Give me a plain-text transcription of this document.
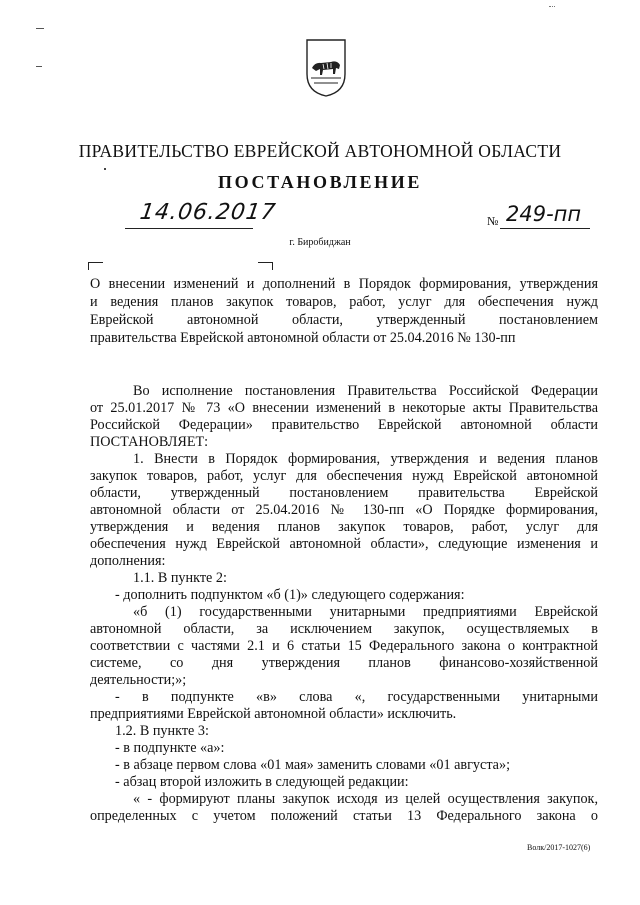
ПРАВИТЕЛЬСТВО ЕВРЕЙСКОЙ АВТОНОМНОЙ ОБЛАСТИ
ПОСТАНОВЛЕНИЕ
14.06.2017	№ 249-пп
г. Биробиджан
О внесении изменений и дополнений в Порядок формирования, утверждения
и ведения планов закупок товаров, работ, услуг для обеспечения нужд
Еврейской автономной области, утвержденный постановлением
правительства Еврейской автономной области от 25.04.2016 № 130-пп
Во исполнение постановления Правительства Российской Федерации
от 25.01.2017 № 73 «О внесении изменений в некоторые акты Правительства
Российской Федерации» правительство Еврейской автономной области
ПОСТАНОВЛЯЕТ:
1. Внести в Порядок формирования, утверждения и ведения планов
закупок товаров, работ, услуг для обеспечения нужд Еврейской автономной
области, утвержденный постановлением правительства Еврейской
автономной области от 25.04.2016 № 130-пп «О Порядке формирования,
утверждения и ведения планов закупок товаров, работ, услуг для
обеспечения нужд Еврейской автономной области», следующие изменения и
дополнения:
1.1. В пункте 2:
- дополнить подпунктом «б (1)» следующего содержания:
«б (1) государственными унитарными предприятиями Еврейской
автономной области, за исключением закупок, осуществляемых в
соответствии с частями 2.1 и 6 статьи 15 Федерального закона о контрактной
системе, со дня утверждения планов финансово-хозяйственной
деятельности;»;
- в подпункте «в» слова «, государственными унитарными
предприятиями Еврейской автономной области» исключить.
1.2. В пункте 3:
- в подпункте «а»:
- в абзаце первом слова «01 мая» заменить словами «01 августа»;
- абзац второй изложить в следующей редакции:
« - формируют планы закупок исходя из целей осуществления закупок,
определенных с учетом положений статьи 13 Федерального закона о
Волк/2017-1027(6)
